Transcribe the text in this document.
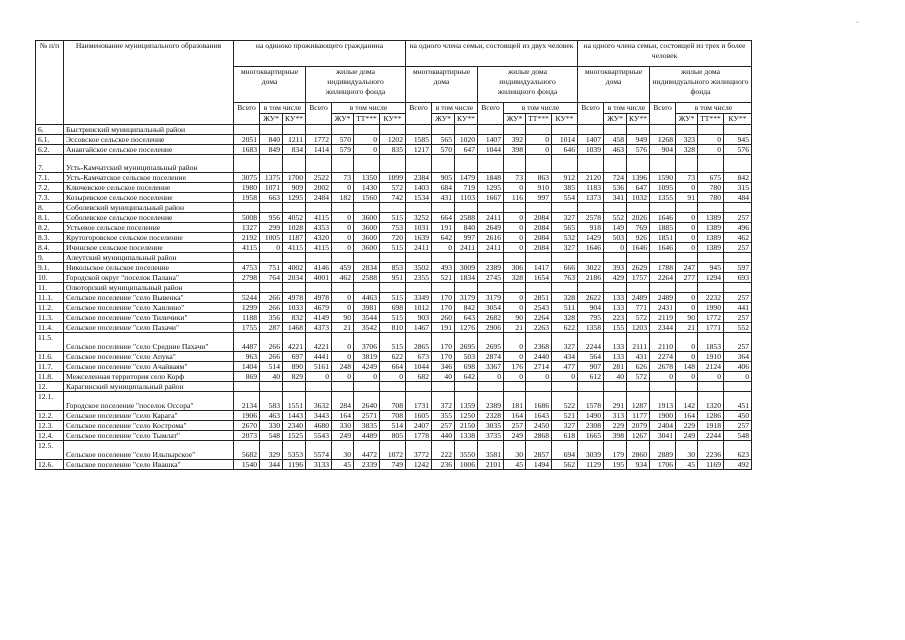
ˎ
№ п/п	Наименование муниципального образования	на одиноко проживающего гражданина							на одного члена семьи, состоящей из двух человек							на одного члена семьи, состоящей из трех и более человек						
		многоквартирные дома			жилые дома индивидуального жилищного фонда				многоквартирные дома			жилые дома индивидуального жилищного фонда				многоквартирные дома			жилые дома индивидуального жилищного фонда			
		Всего	в том числе		Всего	в том числе			Всего	в том числе		Всего	в том числе			Всего	в том числе		Всего	в том числе		
			ЖУ*	КУ**		ЖУ*	ТТ***	КУ**		ЖУ*	КУ**		ЖУ*	ТТ***	КУ**		ЖУ*	КУ**		ЖУ*	ТТ***	КУ**
6.	Быстринский муниципальный район																					
6.1.	Эссовское сельское поселение	2051	840	1211	1772	570	0	1202	1585	565	1020	1407	392	0	1014	1407	458	949	1268	323	0	945
6.2.	Анавгайское сельское поселение	1683	849	834	1414	579	0	835	1217	570	647	1044	398	0	646	1039	463	576	904	328	0	576
7.	Усть-Камчатский муниципальный район																					
7.1.	Усть-Камчатское сельское поселение	3075	1375	1700	2522	73	1350	1099	2384	905	1479	1848	73	863	912	2120	724	1396	1590	73	675	842
7.2.	Ключевское сельское поселение	1980	1071	909	2002	0	1430	572	1403	684	719	1295	0	910	385	1183	536	647	1095	0	780	315
7.3.	Козыревское сельское поселение	1958	663	1295	2484	182	1560	742	1534	431	1103	1667	116	997	554	1373	341	1032	1355	91	780	484
8.	Соболевский муниципальный район																					
8.1.	Соболевское сельское поселение	5008	956	4052	4115	0	3600	515	3252	664	2588	2411	0	2084	327	2578	552	2026	1646	0	1389	257
8.2.	Устьевое сельское поселение	1327	299	1028	4353	0	3600	753	1031	191	840	2649	0	2084	565	918	149	769	1885	0	1389	496
8.3.	Крутогоровское сельское поселение	2192	1005	1187	4320	0	3600	720	1639	642	997	2616	0	2084	532	1429	503	926	1851	0	1389	462
8.4.	Ичинское сельское поселение	4115	0	4115	4115	0	3600	515	2411	0	2411	2411	0	2084	327	1646	0	1646	1646	0	1389	257
9.	Алеутский муниципальный район																					
9.1.	Никольское сельское поселение	4753	751	4002	4146	459	2834	853	3502	493	3009	2389	306	1417	666	3022	393	2629	1788	247	945	597
10.	Городской округ "поселок Палана"	2798	764	2034	4001	462	2588	951	2355	521	1834	2745	328	1654	763	2186	429	1757	2264	277	1294	693
11.	Олюторский муниципальный район																					
11.1.	Сельское поселение "село Вывенка"	5244	266	4978	4978	0	4463	515	3349	170	3179	3179	0	2851	328	2622	133	2489	2489	0	2232	257
11.2.	Сельское поселение "село Хаилино"	1299	266	1033	4679	0	3981	698	1012	170	842	3054	0	2543	511	904	133	771	2431	0	1990	441
11.3.	Сельское поселение "село Тиличики"	1188	356	832	4149	90	3544	515	903	260	643	2682	90	2264	328	795	223	572	2119	90	1772	257
11.4.	Сельское поселение "село Пахачи"	1755	287	1468	4373	21	3542	810	1467	191	1276	2906	21	2263	622	1358	155	1203	2344	21	1771	552
11.5.	Сельское поселение "село Средние Пахачи"	4487	266	4221	4221	0	3706	515	2865	170	2695	2695	0	2368	327	2244	133	2111	2110	0	1853	257
11.6.	Сельское поселение "село Апука"	963	266	697	4441	0	3819	622	673	170	503	2874	0	2440	434	564	133	431	2274	0	1910	364
11.7.	Сельское поселение "село Ачайваям"	1404	514	890	5161	248	4249	664	1044	346	698	3367	176	2714	477	907	281	626	2678	148	2124	406
11.8.	Межселенная территория село Корф	869	40	829	0	0	0	0	682	40	642	0	0	0	0	612	40	572	0	0	0	0
12.	Карагинский муниципальный район																					
12.1.	Городское поселение "поселок Оссора"	2134	583	1551	3632	284	2640	708	1731	372	1359	2389	181	1686	522	1578	291	1287	1913	142	1320	451
12.2.	Сельское поселение "село Карага"	1906	463	1443	3443	164	2571	708	1605	355	1250	2328	164	1643	521	1490	313	1177	1900	164	1286	450
12.3.	Сельское поселение "село Кострома"	2670	330	2340	4680	330	3835	514	2407	257	2150	3035	257	2450	327	2308	229	2079	2404	229	1918	257
12.4.	Сельское поселение "село Тымлат"	2073	548	1525	5543	249	4489	805	1778	440	1338	3735	249	2868	618	1665	398	1267	3041	249	2244	548
12.5.	Сельское поселение "село Ильпырское"	5682	329	5353	5574	30	4472	1072	3772	222	3550	3581	30	2857	694	3039	179	2860	2889	30	2236	623
12.6.	Сельское поселение "село Ивашка"	1540	344	1196	3133	45	2339	749	1242	236	1006	2101	45	1494	562	1129	195	934	1706	45	1169	492
